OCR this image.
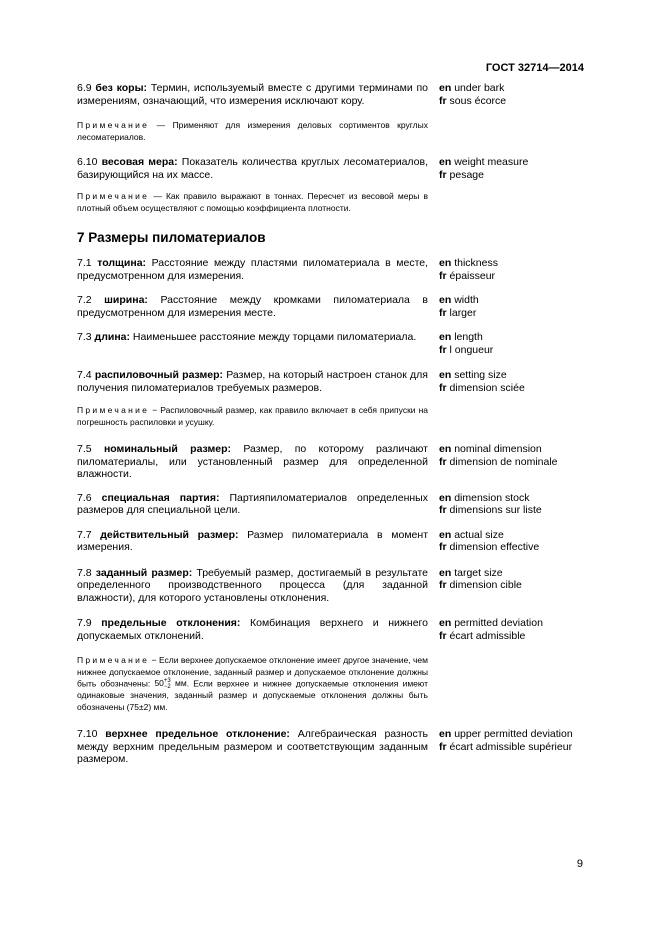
ГОСТ 32714—2014
6.9 без коры: Термин, используемый вместе с другими терминами по измерениям, означающий, что измерения исключают кору.
en under bark
fr sous écorce
Примечание — Применяют для измерения деловых сортиментов круглых лесоматериалов.
6.10 весовая мера: Показатель количества круглых лесоматериалов, базирующийся на их массе.
en weight measure
fr pesage
Примечание — Как правило выражают в тоннах. Пересчет из весовой меры в плотный объем осуществляют с помощью коэффициента плотности.
7 Размеры пиломатериалов
7.1 толщина: Расстояние между пластями пиломатериала в месте, предусмотренном для измерения.
en thickness
fr épaisseur
7.2 ширина: Расстояние между кромками пиломатериала в предусмотренном для измерения месте.
en width
fr larger
7.3 длина: Наименьшее расстояние между торцами пиломатериала.	en length
fr l ongueur
7.4 распиловочный размер: Размер, на который настроен станок для получения пиломатериалов требуемых размеров.
en setting size
fr dimension sciée
Примечание − Распиловочный размер, как правило включает в себя припуски на погрешность распиловки и усушку.
7.5 номинальный размер: Размер, по которому различают пиломатериалы, или установленный размер для определенной влажности.
en nominal dimension
fr dimension de nominale
7.6 специальная партия: Партияпиломатериалов определенных размеров для специальной цели.
en dimension stock
fr dimensions sur liste
7.7 действительный размер: Размер пиломатериала в момент измерения.
en actual size
fr dimension effective
7.8 заданный размер: Требуемый размер, достигаемый в результате определенного производственного процесса (для заданной влажности), для которого установлены отклонения.
en target size
fr dimension cible
7.9 предельные отклонения: Комбинация верхнего и нижнего допускаемых отклонений.
en permitted deviation
fr écart admissible
Примечание − Если верхнее допускаемое отклонение имеет другое значение, чем нижнее допускаемое отклонение, заданный размер и допускаемое отклонение должны быть обозначены: 50 +3
−2 мм. Если верхнее и нижнее допускаемые отклонения имеют одинаковые значения, заданный размер и допускаемые отклонения должны быть обозначены (75±2) мм.
7.10 верхнее предельное отклонение: Алгебраическая разность между верхним предельным размером и соответствующим заданным размером.
en upper permitted deviation
fr écart admissible supérieur
9
